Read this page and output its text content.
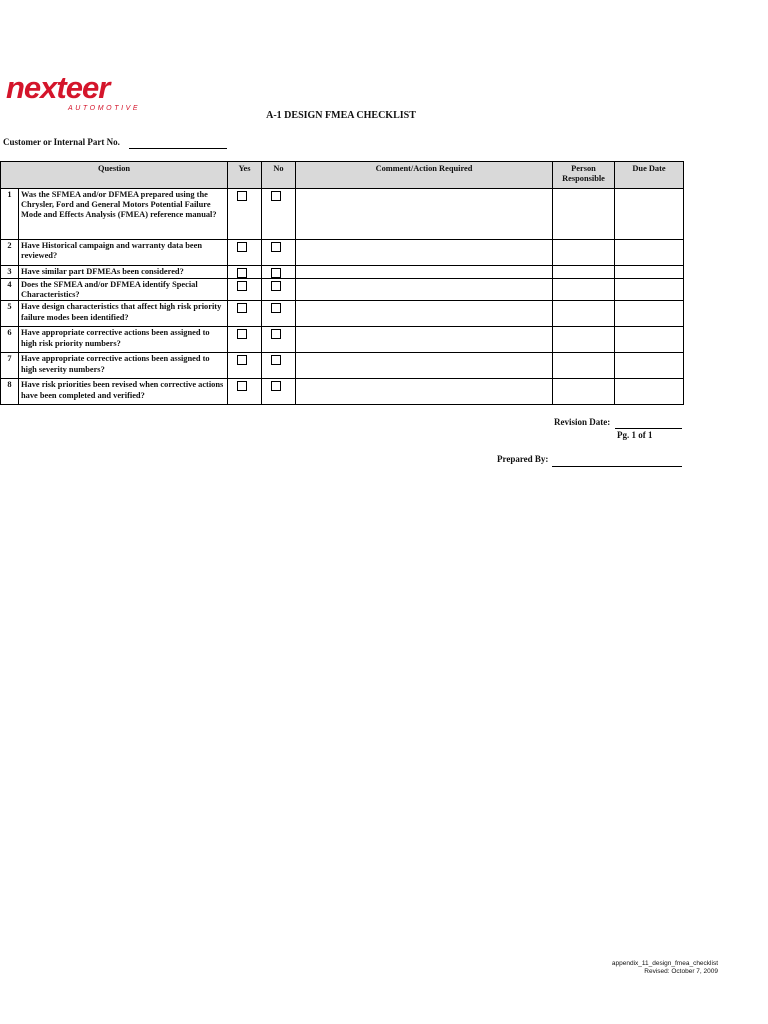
nexteer
AUTOMOTIVE
A-1 DESIGN FMEA CHECKLIST
Customer or Internal Part No.
Question		Yes	No	Comment/Action Required	Person Responsible	Due Date
1	Was the SFMEA and/or DFMEA prepared using the Chrysler, Ford and General Motors Potential Failure Mode and Effects Analysis (FMEA) reference manual?	

2	Have Historical campaign and warranty data been reviewed?	

3	Have similar part DFMEAs been considered?	

4	Does the SFMEA and/or DFMEA identify Special Characteristics?	

5	Have design characteristics that affect high risk priority failure modes been identified?	

6	Have appropriate corrective actions been assigned to high risk priority numbers?	

7	Have appropriate corrective actions been assigned to high severity numbers?	

8	Have risk priorities been revised when corrective actions have been completed and verified?	

Revision Date:
Pg. 1 of 1
Prepared By:
appendix_11_design_fmea_checklist
Revised: October 7, 2009
